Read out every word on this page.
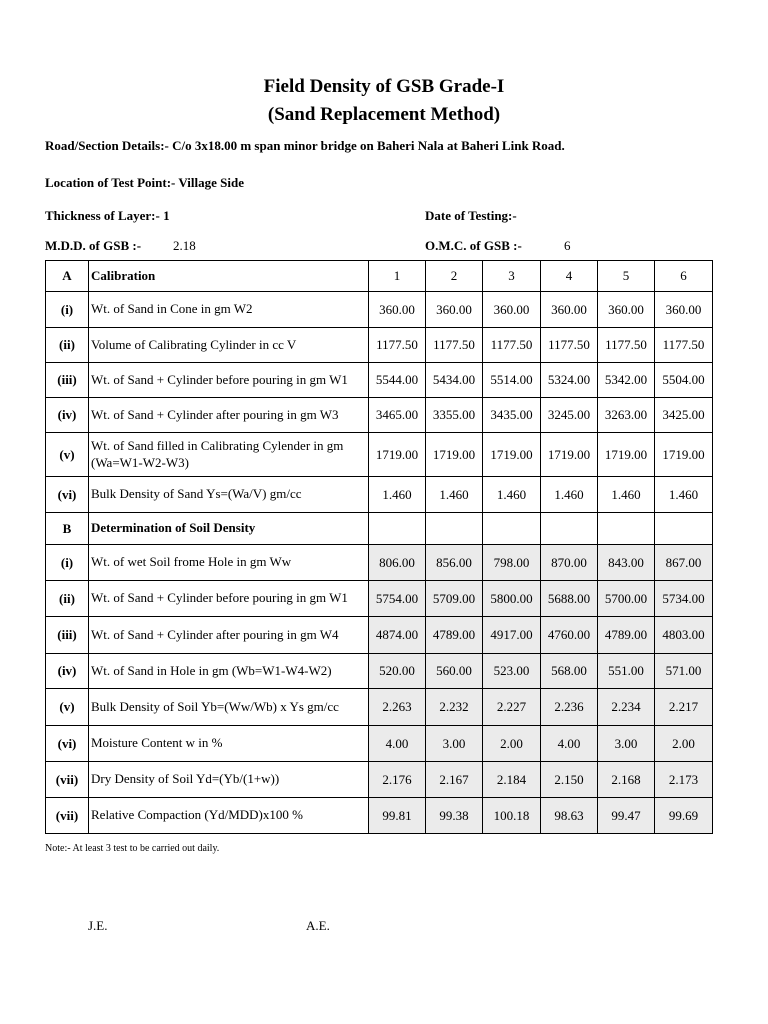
Field Density of GSB Grade-I
(Sand Replacement Method)
Road/Section Details:- C/o 3x18.00 m span minor bridge on Baheri Nala at Baheri Link Road.
Location of Test Point:- Village Side
Thickness of Layer:- 1	Date of Testing:-
M.D.D. of GSB :- 2.18	O.M.C. of GSB :-	6
A	Calibration	1	2	3	4	5	6
(i)	Wt. of Sand in Cone in gm W2	360.00	360.00	360.00	360.00	360.00	360.00
(ii)	Volume of Calibrating Cylinder in cc V	1177.50	1177.50	1177.50	1177.50	1177.50	1177.50
(iii)	Wt. of Sand + Cylinder before pouring in gm W1	5544.00	5434.00	5514.00	5324.00	5342.00	5504.00
(iv)	Wt. of Sand + Cylinder after pouring in gm W3	3465.00	3355.00	3435.00	3245.00	3263.00	3425.00
(v)	Wt. of Sand filled in Calibrating Cylender in gm
(Wa=W1-W2-W3)	1719.00	1719.00	1719.00	1719.00	1719.00	1719.00
(vi)	Bulk Density of Sand Ys=(Wa/V) gm/cc	1.460	1.460	1.460	1.460	1.460	1.460
B	Determination of Soil Density						
(i)	Wt. of wet Soil frome Hole in gm Ww	806.00	856.00	798.00	870.00	843.00	867.00
(ii)	Wt. of Sand + Cylinder before pouring in gm W1	5754.00	5709.00	5800.00	5688.00	5700.00	5734.00
(iii)	Wt. of Sand + Cylinder after pouring in gm W4	4874.00	4789.00	4917.00	4760.00	4789.00	4803.00
(iv)	Wt. of Sand in Hole in gm (Wb=W1-W4-W2)	520.00	560.00	523.00	568.00	551.00	571.00
(v)	Bulk Density of Soil Yb=(Ww/Wb) x Ys gm/cc	2.263	2.232	2.227	2.236	2.234	2.217
(vi)	Moisture Content w in %	4.00	3.00	2.00	4.00	3.00	2.00
(vii)	Dry Density of Soil Yd=(Yb/(1+w))	2.176	2.167	2.184	2.150	2.168	2.173
(vii)	Relative Compaction (Yd/MDD)x100 %	99.81	99.38	100.18	98.63	99.47	99.69
Note:- At least 3 test to be carried out daily.
J.E.	A.E.
